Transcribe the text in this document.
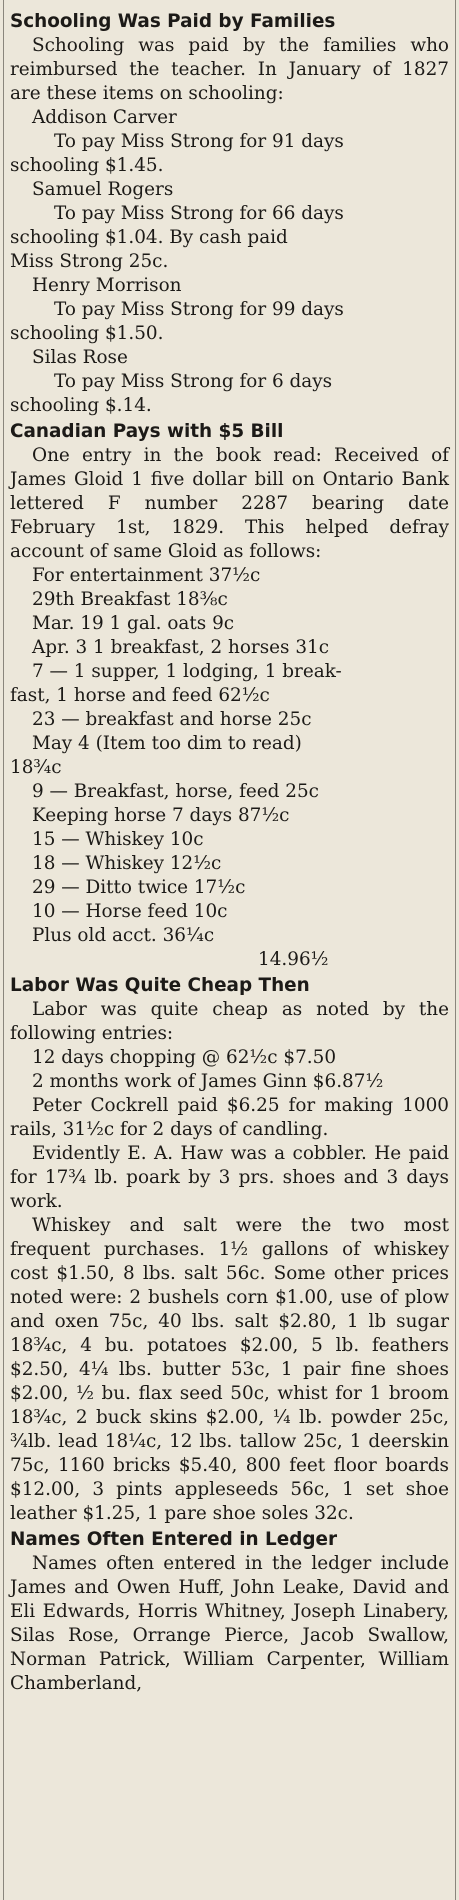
Schooling Was Paid by Families

Schooling was paid by the families who reimbursed the teacher. In January of 1827 are these items on schooling:

Addison Carver
To pay Miss Strong for 91 days
schooling $1.45.
Samuel Rogers
To pay Miss Strong for 66 days
schooling $1.04. By cash paid
Miss Strong 25c.
Henry Morrison
To pay Miss Strong for 99 days
schooling $1.50.
Silas Rose
To pay Miss Strong for 6 days
schooling $.14.
Canadian Pays with $5 Bill

One entry in the book read: Received of James Gloid 1 five dollar bill on Ontario Bank lettered F number 2287 bearing date February 1st, 1829. This helped defray account of same Gloid as follows:

For entertainment 37½c
29th Breakfast 18⅜c
Mar. 19 1 gal. oats 9c
Apr. 3 1 breakfast, 2 horses 31c
7 — 1 supper, 1 lodging, 1 break-
fast, 1 horse and feed 62½c
23 — breakfast and horse 25c
May 4 (Item too dim to read)
18¾c
9 — Breakfast, horse, feed 25c
Keeping horse 7 days 87½c
15 — Whiskey 10c
18 — Whiskey 12½c
29 — Ditto twice 17½c
10 — Horse feed 10c
Plus old acct. 36¼c
14.96½
Labor Was Quite Cheap Then

Labor was quite cheap as noted by the following entries:

12 days chopping @ 62½c $7.50

2 months work of James Ginn $6.87½

Peter Cockrell paid $6.25 for making 1000 rails, 31½c for 2 days of candling.

Evidently E. A. Haw was a cobbler. He paid for 17¾ lb. poark by 3 prs. shoes and 3 days work.

Whiskey and salt were the two most frequent purchases. 1½ gallons of whiskey cost $1.50, 8 lbs. salt 56c. Some other prices noted were: 2 bushels corn $1.00, use of plow and oxen 75c, 40 lbs. salt $2.80, 1 lb sugar 18¾c, 4 bu. potatoes $2.00, 5 lb. feathers $2.50, 4¼ lbs. butter 53c, 1 pair fine shoes $2.00, ½ bu. flax seed 50c, whist for 1 broom 18¾c, 2 buck skins $2.00, ¼ lb. powder 25c, ¾lb. lead 18¼c, 12 lbs. tallow 25c, 1 deerskin 75c, 1160 bricks $5.40, 800 feet floor boards $12.00, 3 pints appleseeds 56c, 1 set shoe leather $1.25, 1 pare shoe soles 32c.

Names Often Entered in Ledger

Names often entered in the ledger include James and Owen Huff, John Leake, David and Eli Edwards, Horris Whitney, Joseph Linabery, Silas Rose, Orrange Pierce, Jacob Swallow, Norman Patrick, William Carpenter, William Chamberland,
